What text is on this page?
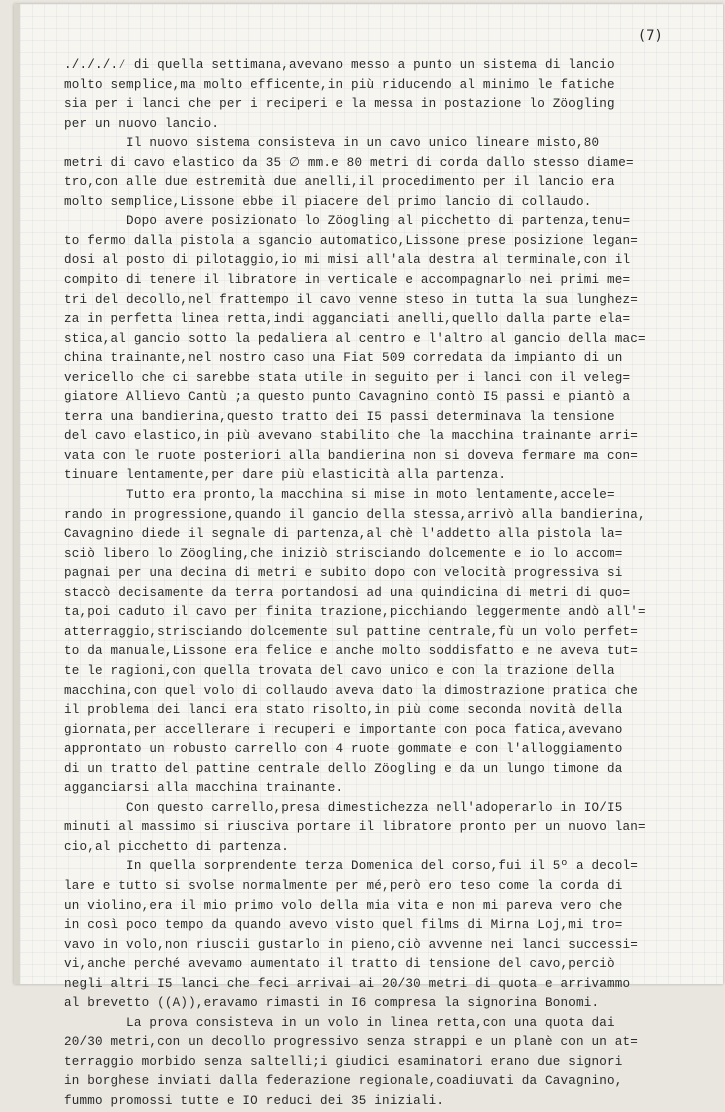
(7)
./././.⁄ di quella settimana,avevano messo a punto un sistema di lancio
molto semplice,ma molto efficente,in più riducendo al minimo le fatiche
sia per i lanci che per i reciperi e la messa in postazione lo Zöogling
per un nuovo lancio.
Il nuovo sistema consisteva in un cavo unico lineare misto,80
metri di cavo elastico da 35 ∅ mm.e 80 metri di corda dallo stesso diame=
tro,con alle due estremità due anelli,il procedimento per il lancio era
molto semplice,Lissone ebbe il piacere del primo lancio di collaudo.
Dopo avere posizionato lo Zöogling al picchetto di partenza,tenu=
to fermo dalla pistola a sgancio automatico,Lissone prese posizione legan=
dosi al posto di pilotaggio,io mi misi all'ala destra al terminale,con il
compito di tenere il libratore in verticale e accompagnarlo nei primi me=
tri del decollo,nel frattempo il cavo venne steso in tutta la sua lunghez=
za in perfetta linea retta,indi agganciati anelli,quello dalla parte ela=
stica,al gancio sotto la pedaliera al centro e l'altro al gancio della mac=
china trainante,nel nostro caso una Fiat 509 corredata da impianto di un
vericello che ci sarebbe stata utile in seguito per i lanci con il veleg=
giatore Allievo Cantù ;a questo punto Cavagnino contò I5 passi e piantò a
terra una bandierina,questo tratto dei I5 passi determinava la tensione
del cavo elastico,in più avevano stabilito che la macchina trainante arri=
vata con le ruote posteriori alla bandierina non si doveva fermare ma con=
tinuare lentamente,per dare più elasticità alla partenza.
Tutto era pronto,la macchina si mise in moto lentamente,accele=
rando in progressione,quando il gancio della stessa,arrivò alla bandierina,
Cavagnino diede il segnale di partenza,al chè l'addetto alla pistola la=
sciò libero lo Zöogling,che iniziò strisciando dolcemente e io lo accom=
pagnai per una decina di metri e subito dopo con velocità progressiva si
staccò decisamente da terra portandosi ad una quindicina di metri di quo=
ta,poi caduto il cavo per finita trazione,picchiando leggermente andò all'=
atterraggio,strisciando dolcemente sul pattine centrale,fù un volo perfet=
to da manuale,Lissone era felice e anche molto soddisfatto e ne aveva tut=
te le ragioni,con quella trovata del cavo unico e con la trazione della
macchina,con quel volo di collaudo aveva dato la dimostrazione pratica che
il problema dei lanci era stato risolto,in più come seconda novità della
giornata,per accellerare i recuperi e importante con poca fatica,avevano
approntato un robusto carrello con 4 ruote gommate e con l'alloggiamento
di un tratto del pattine centrale dello Zöogling e da un lungo timone da
agganciarsi alla macchina trainante.
Con questo carrello,presa dimestichezza nell'adoperarlo in IO/I5
minuti al massimo si riusciva portare il libratore pronto per un nuovo lan=
cio,al picchetto di partenza.
In quella sorprendente terza Domenica del corso,fui il 5º a decol=
lare e tutto si svolse normalmente per mé,però ero teso come la corda di
un violino,era il mio primo volo della mia vita e non mi pareva vero che
in così poco tempo da quando avevo visto quel films di Mirna Loj,mi tro=
vavo in volo,non riuscii gustarlo in pieno,ciò avvenne nei lanci successi=
vi,anche perché avevamo aumentato il tratto di tensione del cavo,perciò
negli altri I5 lanci che feci arrivai ai 20/30 metri di quota e arrivammo
al brevetto ((A)),eravamo rimasti in I6 compresa la signorina Bonomi.
La prova consisteva in un volo in linea retta,con una quota dai
20/30 metri,con un decollo progressivo senza strappi e un planè con un at=
terraggio morbido senza saltelli;i giudici esaminatori erano due signori
in borghese inviati dalla federazione regionale,coadiuvati da Cavagnino,
fummo promossi tutte e IO reduci dei 35 iniziali.
